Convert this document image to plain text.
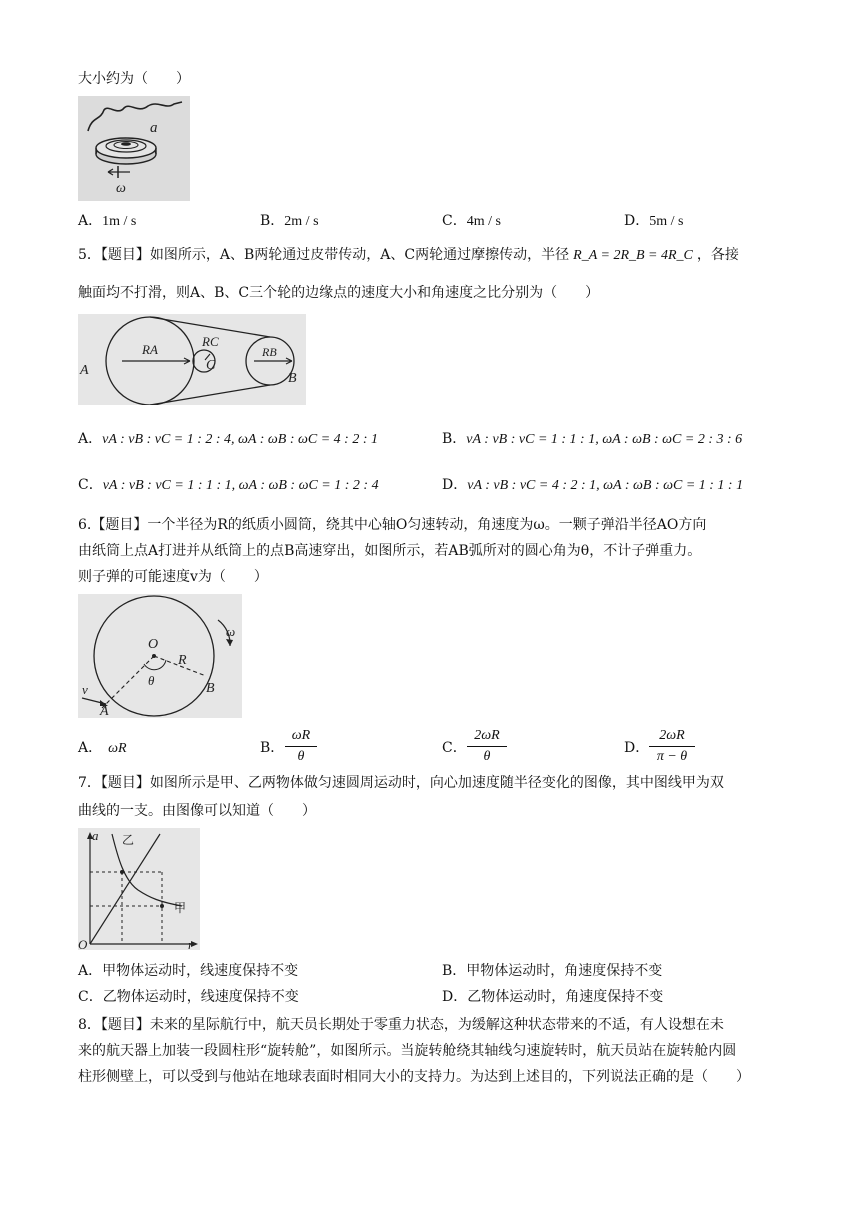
大小约为（　　）
a
ω
A．1m / s	B．2m / s	C．4m / s	D．5m / s
5．【题目】如图所示，A、B两轮通过皮带传动，A、C两轮通过摩擦传动，半径 R_A = 2R_B = 4R_C ，各接
触面均不打滑，则A、B、C三个轮的边缘点的速度大小和角速度之比分别为（　　）
A
RA
RC
C
RB
B
A．vA : vB : vC = 1 : 2 : 4, ωA : ωB : ωC = 4 : 2 : 1	B．vA : vB : vC = 1 : 1 : 1, ωA : ωB : ωC = 2 : 3 : 6
C．vA : vB : vC = 1 : 1 : 1, ωA : ωB : ωC = 1 : 2 : 4	D．vA : vB : vC = 4 : 2 : 1, ωA : ωB : ωC = 1 : 1 : 1
6.【题目】一个半径为R的纸质小圆筒，绕其中心轴O匀速转动，角速度为ω。一颗子弹沿半径AO方向
由纸筒上点A打进并从纸筒上的点B高速穿出，如图所示，若AB弧所对的圆心角为θ，不计子弹重力。
则子弹的可能速度v为（　　）
O
R
θ
B
A
v
ω
A． ωR	B．
ωR
θ
C．
2ωR
θ
D．
2ωR
π − θ
7．【题目】如图所示是甲、乙两物体做匀速圆周运动时，向心加速度随半径变化的图像，其中图线甲为双
曲线的一支。由图像可以知道（　　）
a
r
O
乙
甲
A．甲物体运动时，线速度保持不变	B．甲物体运动时，角速度保持不变
C．乙物体运动时，线速度保持不变	D．乙物体运动时，角速度保持不变
8．【题目】未来的星际航行中，航天员长期处于零重力状态，为缓解这种状态带来的不适，有人设想在未
来的航天器上加装一段圆柱形“旋转舱”，如图所示。当旋转舱绕其轴线匀速旋转时，航天员站在旋转舱内圆
柱形侧壁上，可以受到与他站在地球表面时相同大小的支持力。为达到上述目的，下列说法正确的是（　　）
